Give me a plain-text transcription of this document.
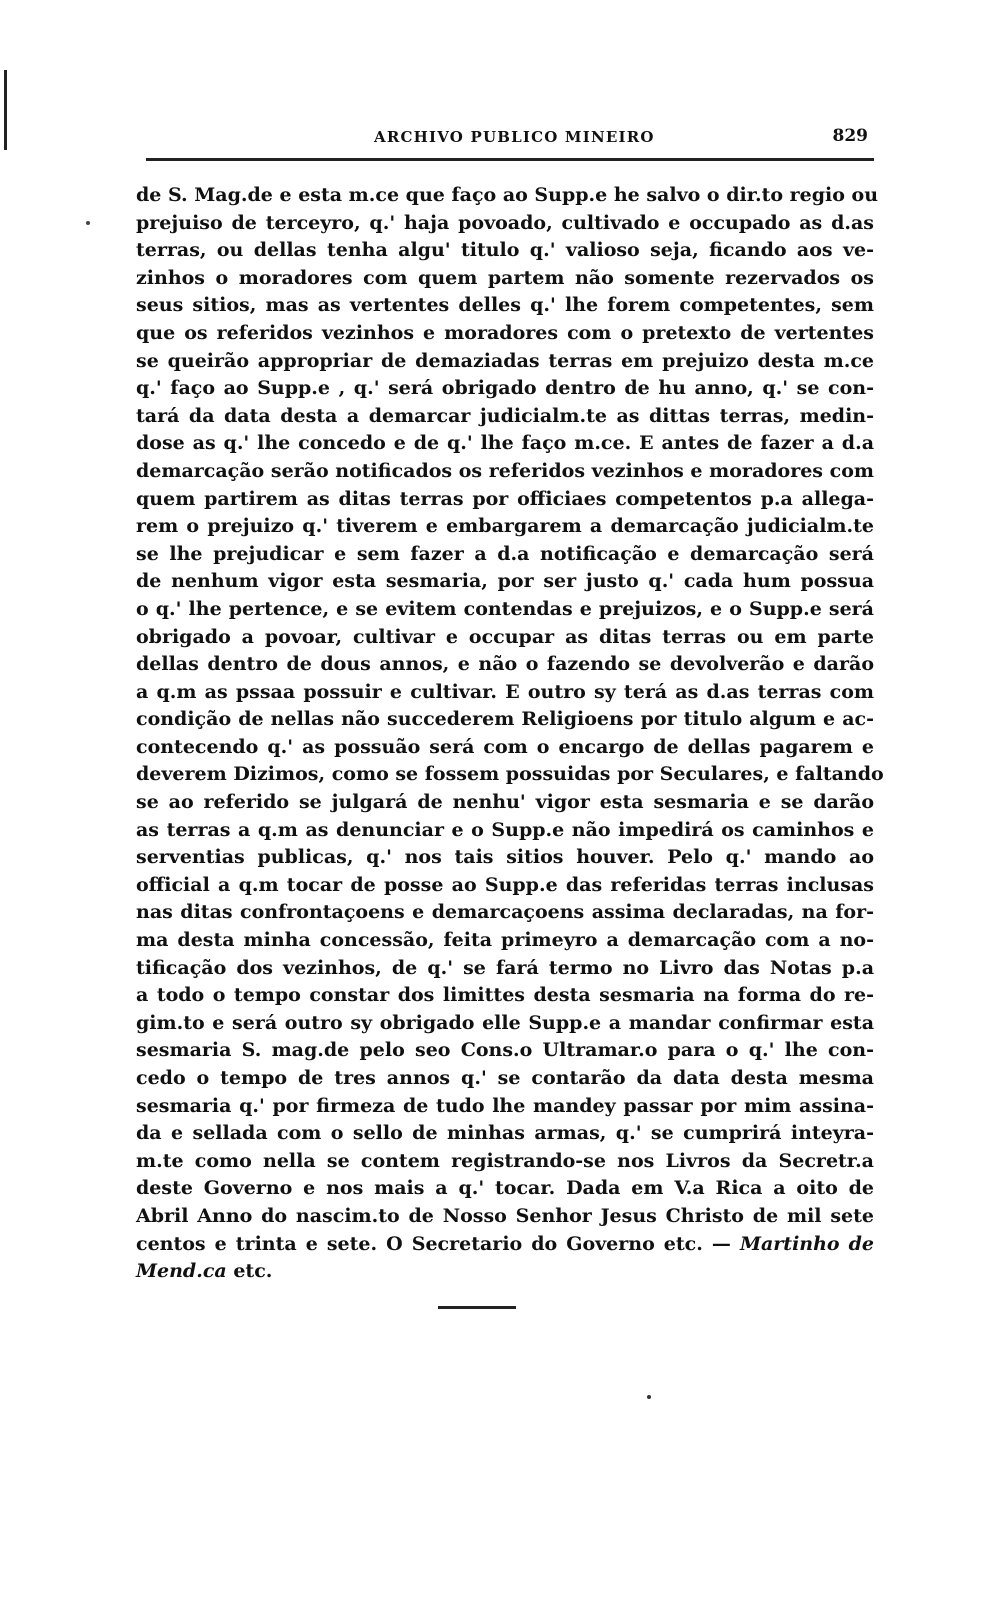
ARCHIVO PUBLICO MINEIRO	829
de S. Mag.de e esta m.ce que faço ao Supp.e he salvo o dir.to regio ou
prejuiso de terceyro, q.' haja povoado, cultivado e occupado as d.as
terras, ou dellas tenha algu' titulo q.' valioso seja, ficando aos ve-
zinhos o moradores com quem partem não somente rezervados os
seus sitios, mas as vertentes delles q.' lhe forem competentes, sem
que os referidos vezinhos e moradores com o pretexto de vertentes
se queirão appropriar de demaziadas terras em prejuizo desta m.ce
q.' faço ao Supp.e , q.' será obrigado dentro de hu anno, q.' se con-
tará da data desta a demarcar judicialm.te as dittas terras, medin-
dose as q.' lhe concedo e de q.' lhe faço m.ce. E antes de fazer a d.a
demarcação serão notificados os referidos vezinhos e moradores com
quem partirem as ditas terras por officiaes competentos p.a allega-
rem o prejuizo q.' tiverem e embargarem a demarcação judicialm.te
se lhe prejudicar e sem fazer a d.a notificação e demarcação será
de nenhum vigor esta sesmaria, por ser justo q.' cada hum possua
o q.' lhe pertence, e se evitem contendas e prejuizos, e o Supp.e será
obrigado a povoar, cultivar e occupar as ditas terras ou em parte
dellas dentro de dous annos, e não o fazendo se devolverão e darão
a q.m as pssaa possuir e cultivar. E outro sy terá as d.as terras com
condição de nellas não succederem Religioens por titulo algum e ac-
contecendo q.' as possuão será com o encargo de dellas pagarem e
deverem Dizimos, como se fossem possuidas por Seculares, e faltando
se ao referido se julgará de nenhu' vigor esta sesmaria e se darão
as terras a q.m as denunciar e o Supp.e não impedirá os caminhos e
serventias publicas, q.' nos tais sitios houver. Pelo q.' mando ao
official a q.m tocar de posse ao Supp.e das referidas terras inclusas
nas ditas confrontaçoens e demarcaçoens assima declaradas, na for-
ma desta minha concessão, feita primeyro a demarcação com a no-
tificação dos vezinhos, de q.' se fará termo no Livro das Notas p.a
a todo o tempo constar dos limittes desta sesmaria na forma do re-
gim.to e será outro sy obrigado elle Supp.e a mandar confirmar esta
sesmaria S. mag.de pelo seo Cons.o Ultramar.o para o q.' lhe con-
cedo o tempo de tres annos q.' se contarão da data desta mesma
sesmaria q.' por firmeza de tudo lhe mandey passar por mim assina-
da e sellada com o sello de minhas armas, q.' se cumprirá inteyra-
m.te como nella se contem registrando-se nos Livros da Secretr.a
deste Governo e nos mais a q.' tocar. Dada em V.a Rica a oito de
Abril Anno do nascim.to de Nosso Senhor Jesus Christo de mil sete
centos e trinta e sete. O Secretario do Governo etc. — Martinho de
Mend.ca etc.
